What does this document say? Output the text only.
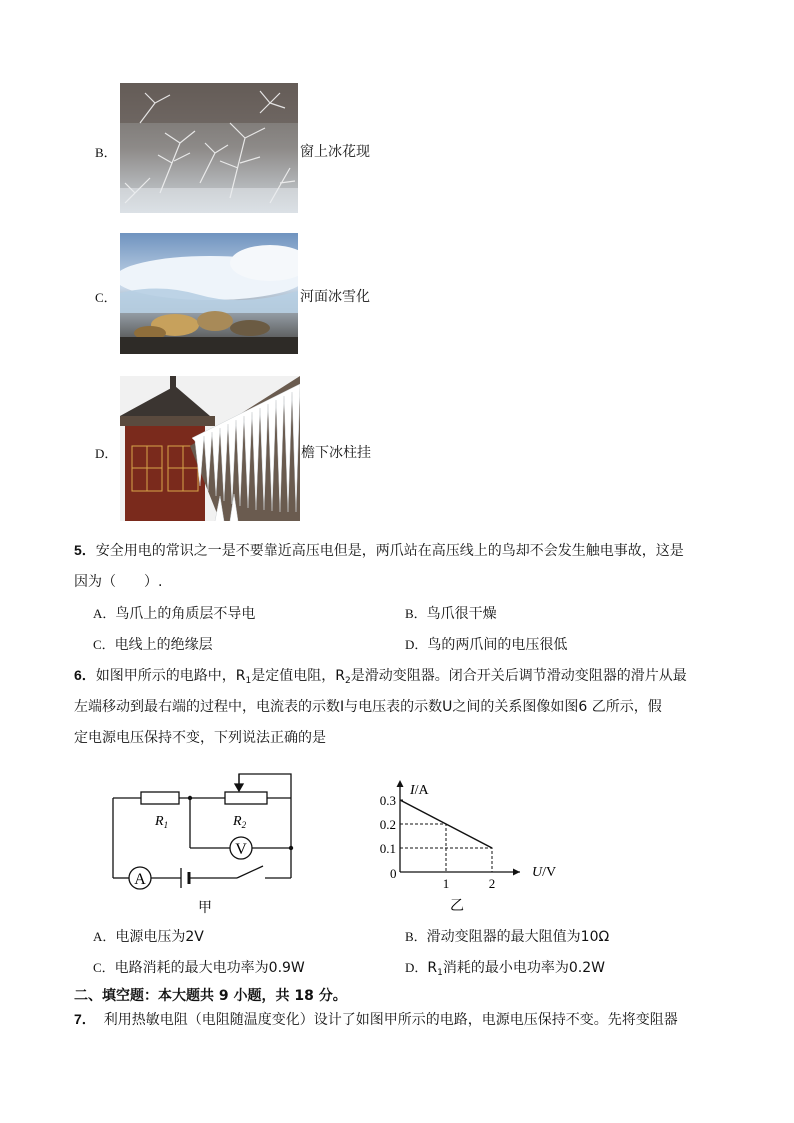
B．	窗上冰花现
C．	河面冰雪化
D．	檐下冰柱挂
5．安全用电的常识之一是不要靠近高压电但是，两爪站在高压线上的鸟却不会发生触电事故，这是
因为（　　）.
A．鸟爪上的角质层不导电	B．鸟爪很干燥
C．电线上的绝缘层	D．鸟的两爪间的电压很低
6．如图甲所示的电路中，$R_1$是定值电阻，$R_2$是滑动变阻器。闭合开关后调节滑动变阻器的滑片从最
左端移动到最右端的过程中，电流表的示数I与电压表的示数U之间的关系图像如图6 乙所示，假
定电源电压保持不变，下列说法正确的是
V
A
$R_1$	$R_2$
甲
0.3
0.2
0.1
1	2
I/A
U/V
0
乙
A．电源电压为2V	B．滑动变阻器的最大阻值为10Ω
C．电路消耗的最大电功率为0.9W	D．$R_1$消耗的最小电功率为0.2W
二、填空题：本大题共 9 小题，共 18 分。
7． 利用热敏电阻（电阻随温度变化）设计了如图甲所示的电路，电源电压保持不变。先将变阻器
